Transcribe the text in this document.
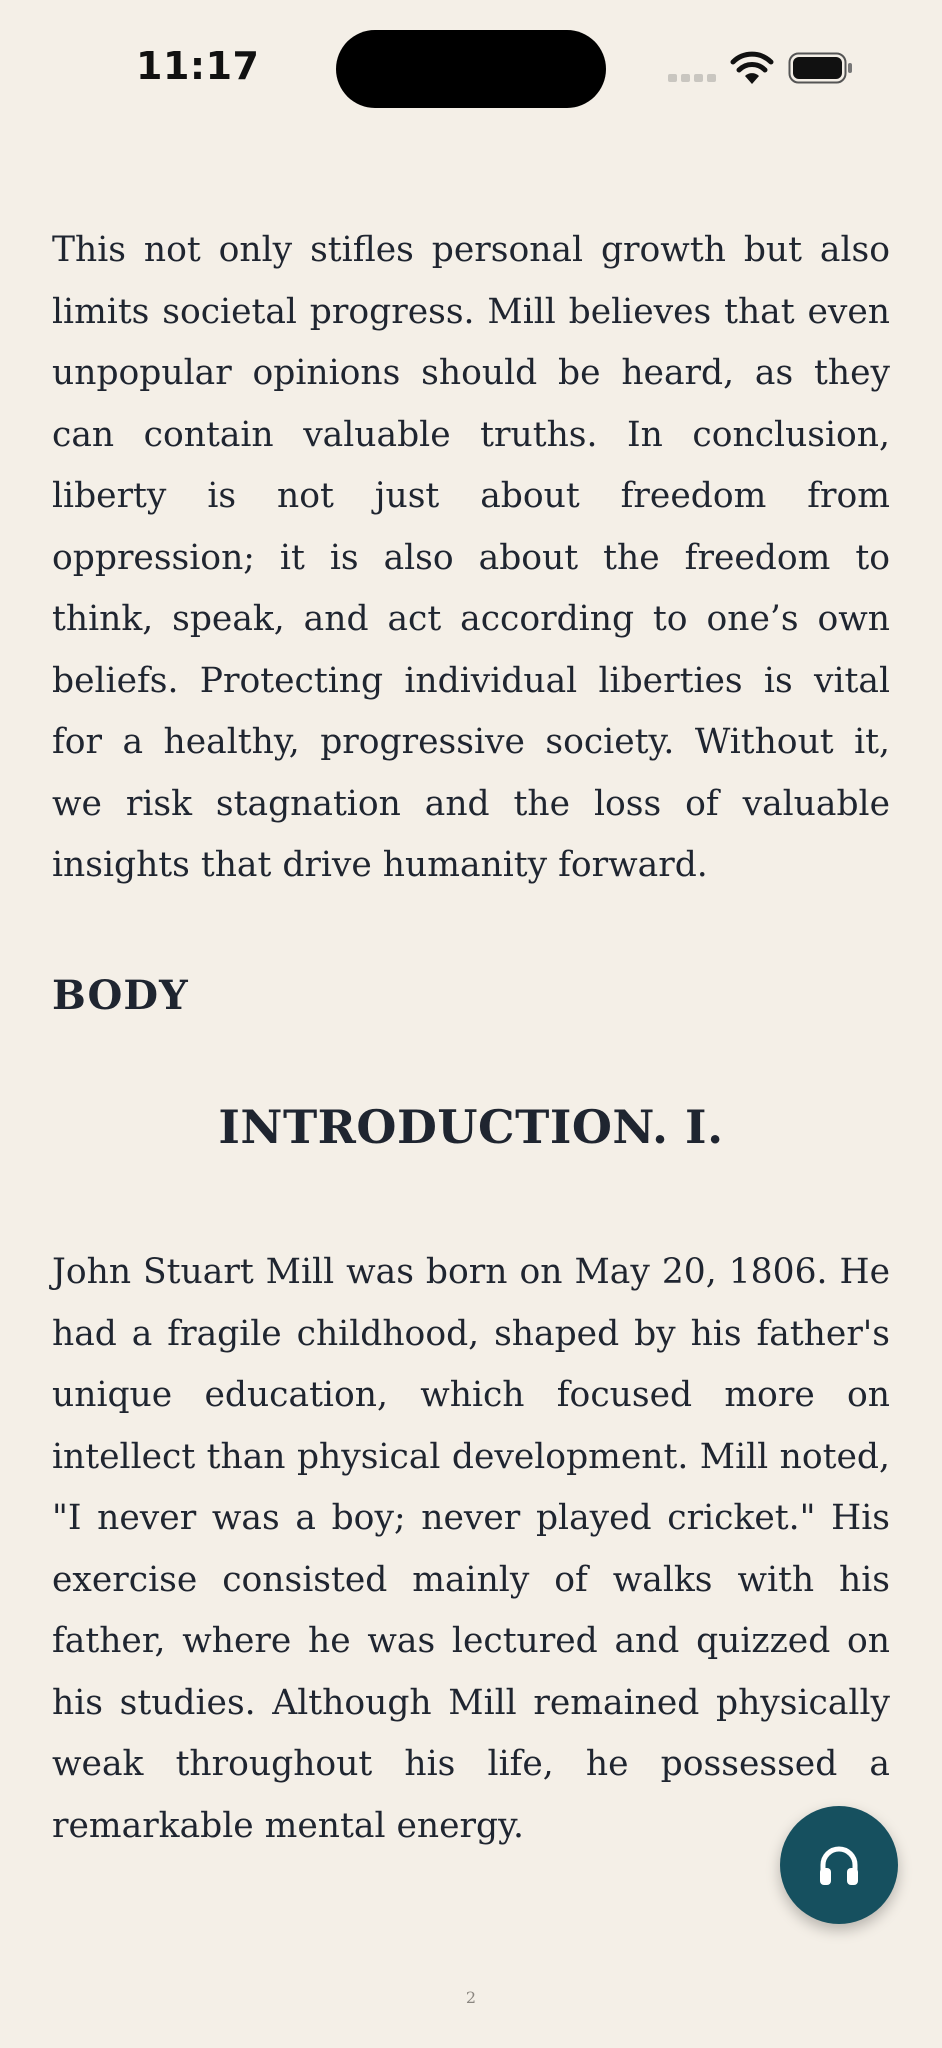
11:17

This not only stifles personal growth but also limits societal progress. Mill believes that even unpopular opinions should be heard, as they can contain valuable truths. In conclusion, liberty is not just about freedom from oppression; it is also about the freedom to think, speak, and act according to one’s own beliefs. Protecting individual liberties is vital for a healthy, progressive society. Without it, we risk stagnation and the loss of valuable insights that drive humanity forward.

BODY
INTRODUCTION. I.

John Stuart Mill was born on May 20, 1806. He had a fragile childhood, shaped by his father's unique education, which focused more on intellect than physical development. Mill noted, "I never was a boy; never played cricket." His exercise consisted mainly of walks with his father, where he was lectured and quizzed on his studies. Although Mill remained physically weak throughout his life, he possessed a remarkable mental energy.

2
